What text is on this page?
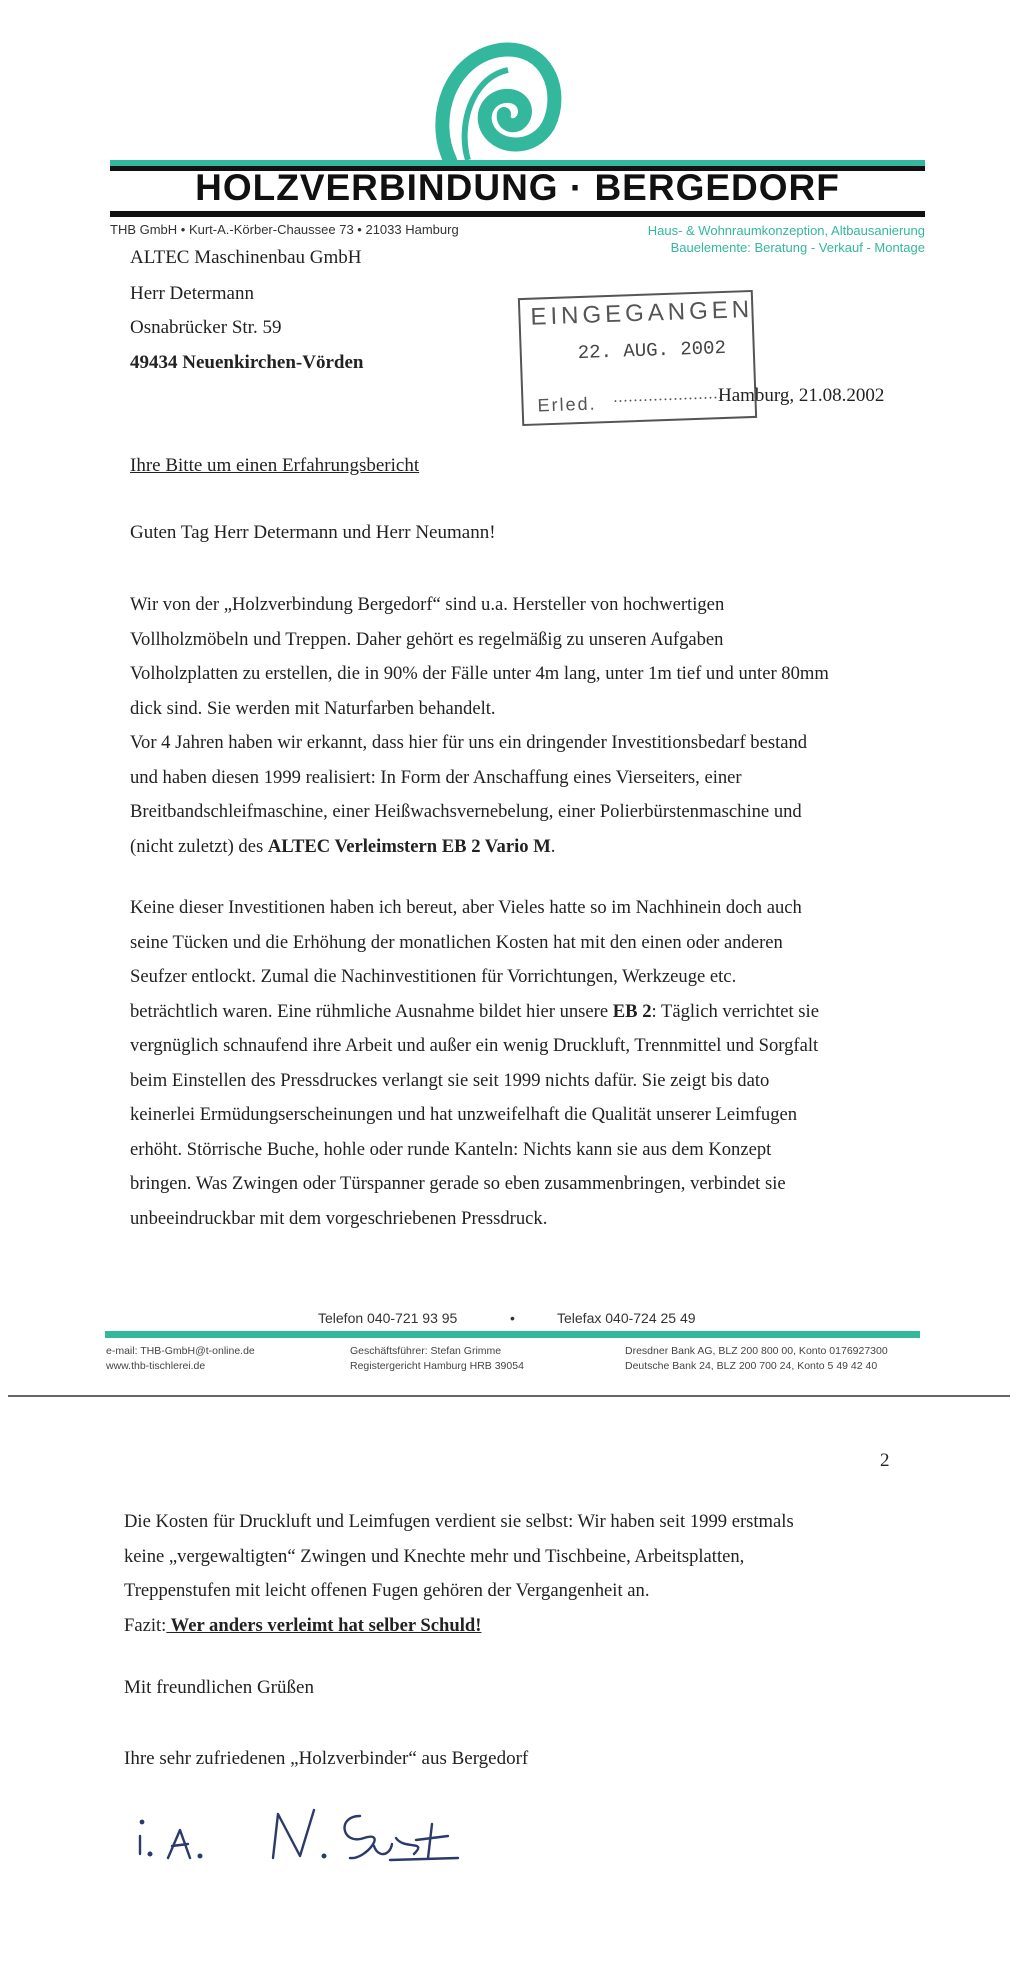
HOLZVERBINDUNG · BERGEDORF
THB GmbH • Kurt-A.-Körber-Chaussee 73 • 21033 Hamburg	Haus- & Wohnraumkonzeption, Altbausanierung
Bauelemente: Beratung - Verkauf - Montage
ALTEC Maschinenbau GmbH
Herr Determann
Osnabrücker Str. 59
49434 Neuenkirchen-Vörden
EINGEGANGEN
22. AUG. 2002
Erled. ......................
Hamburg, 21.08.2002
Ihre Bitte um einen Erfahrungsbericht
Guten Tag Herr Determann und Herr Neumann!

Wir von der „Holzverbindung Bergedorf“ sind u.a. Hersteller von hochwertigen

Vollholzmöbeln und Treppen. Daher gehört es regelmäßig zu unseren Aufgaben

Volholzplatten zu erstellen, die in 90% der Fälle unter 4m lang, unter 1m tief und unter 80mm

dick sind. Sie werden mit Naturfarben behandelt.

Vor 4 Jahren haben wir erkannt, dass hier für uns ein dringender Investitionsbedarf bestand

und haben diesen 1999 realisiert: In Form der Anschaffung eines Vierseiters, einer

Breitbandschleifmaschine, einer Heißwachsvernebelung, einer Polierbürstenmaschine und

(nicht zuletzt) des ALTEC Verleimstern EB 2 Vario M.

Keine dieser Investitionen haben ich bereut, aber Vieles hatte so im Nachhinein doch auch

seine Tücken und die Erhöhung der monatlichen Kosten hat mit den einen oder anderen

Seufzer entlockt. Zumal die Nachinvestitionen für Vorrichtungen, Werkzeuge etc.

beträchtlich waren. Eine rühmliche Ausnahme bildet hier unsere EB 2: Täglich verrichtet sie

vergnüglich schnaufend ihre Arbeit und außer ein wenig Druckluft, Trennmittel und Sorgfalt

beim Einstellen des Pressdruckes verlangt sie seit 1999 nichts dafür. Sie zeigt bis dato

keinerlei Ermüdungserscheinungen und hat unzweifelhaft die Qualität unserer Leimfugen

erhöht. Störrische Buche, hohle oder runde Kanteln: Nichts kann sie aus dem Konzept

bringen. Was Zwingen oder Türspanner gerade so eben zusammenbringen, verbindet sie

unbeeindruckbar mit dem vorgeschriebenen Pressdruck.

Telefon 040-721 93 95	•	Telefax 040-724 25 49
e-mail: THB-GmbH@t-online.de
www.thb-tischlerei.de
Geschäftsführer: Stefan Grimme
Registergericht Hamburg HRB 39054
Dresdner Bank AG, BLZ 200 800 00, Konto 0176927300
Deutsche Bank 24, BLZ 200 700 24, Konto 5 49 42 40
2

Die Kosten für Druckluft und Leimfugen verdient sie selbst: Wir haben seit 1999 erstmals

keine „vergewaltigten“ Zwingen und Knechte mehr und Tischbeine, Arbeitsplatten,

Treppenstufen mit leicht offenen Fugen gehören der Vergangenheit an.

Fazit: Wer anders verleimt hat selber Schuld!

Mit freundlichen Grüßen
Ihre sehr zufriedenen „Holzverbinder“ aus Bergedorf
